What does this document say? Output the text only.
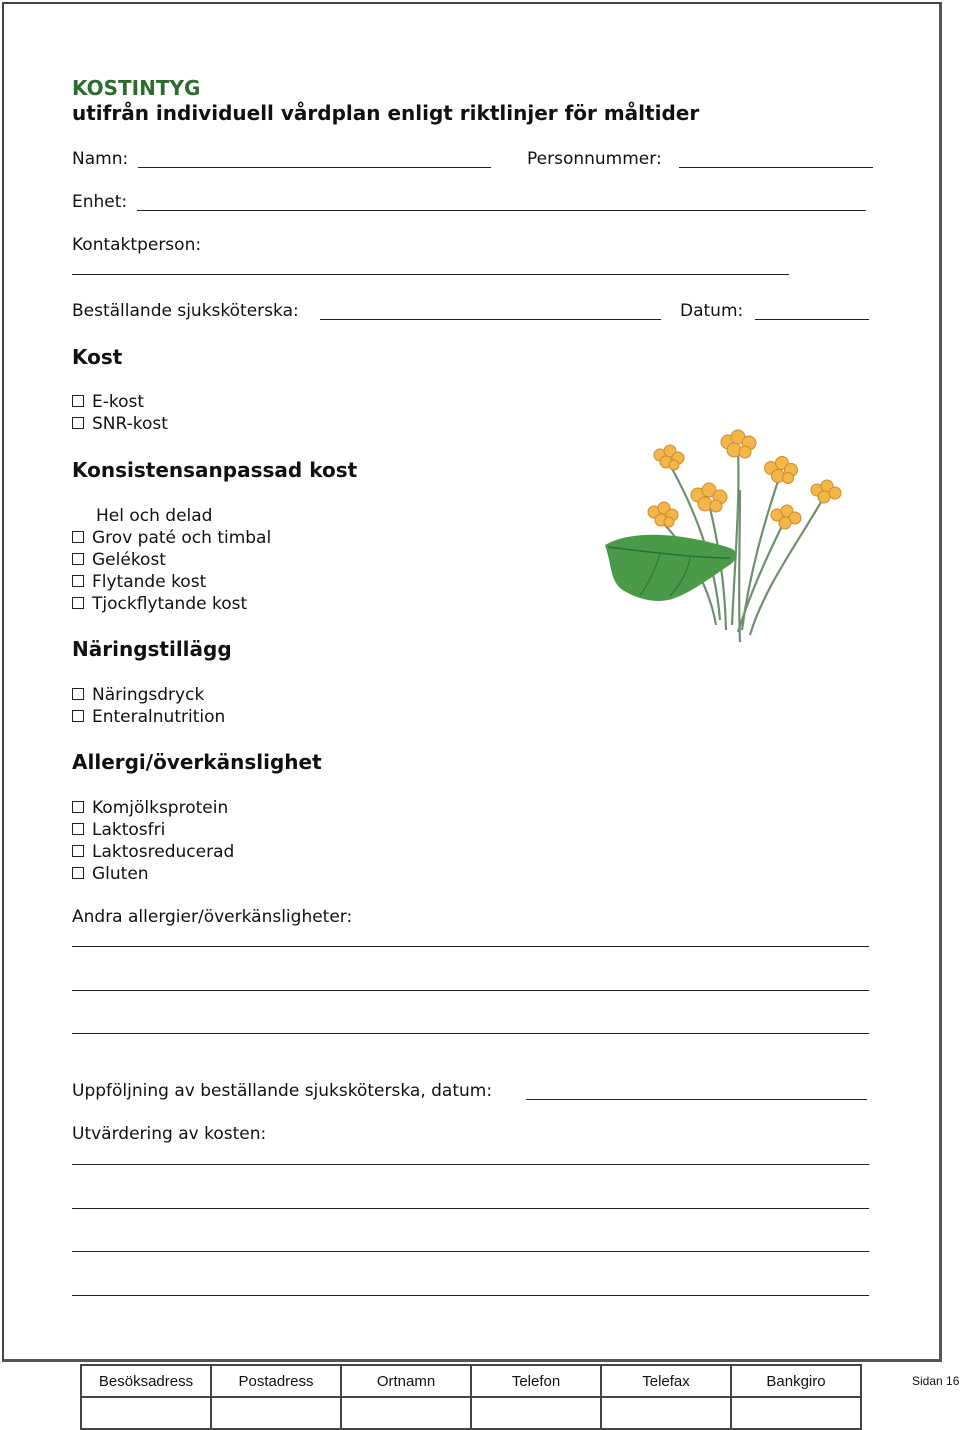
KOSTINTYG
utifrån individuell vårdplan enligt riktlinjer för måltider
Namn:	Personnummer:
Enhet:
Kontaktperson:
Beställande sjuksköterska:	Datum:
Kost
E-kost
SNR-kost
Konsistensanpassad kost
Hel och delad
Grov paté och timbal
Gelékost
Flytande kost
Tjockflytande kost
Näringstillägg
Näringsdryck
Enteralnutrition
Allergi/överkänslighet
Komjölksprotein
Laktosfri
Laktosreducerad
Gluten
Andra allergier/överkänsligheter:
Uppföljning av beställande sjuksköterska, datum:
Utvärdering av kosten:
Besöksadress	Postadress	Ortnamn	Telefon	Telefax	Bankgiro
						Sidan 16
